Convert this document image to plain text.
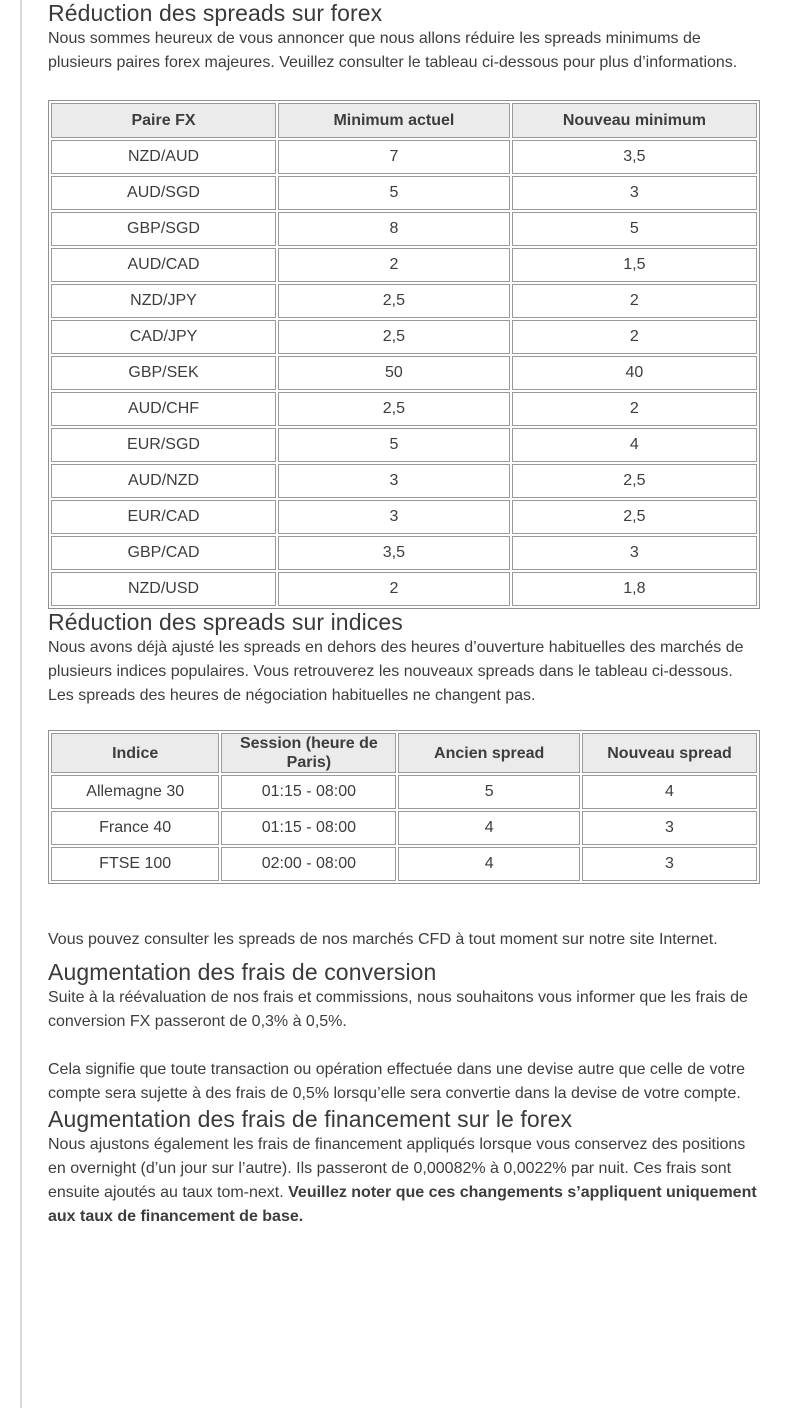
Réduction des spreads sur forex

Nous sommes heureux de vous annoncer que nous allons réduire les spreads minimums de plusieurs paires forex majeures. Veuillez consulter le tableau ci-dessous pour plus d’informations.

Paire FX	Minimum actuel	Nouveau minimum
NZD/AUD	7	3,5
AUD/SGD	5	3
GBP/SGD	8	5
AUD/CAD	2	1,5
NZD/JPY	2,5	2
CAD/JPY	2,5	2
GBP/SEK	50	40
AUD/CHF	2,5	2
EUR/SGD	5	4
AUD/NZD	3	2,5
EUR/CAD	3	2,5
GBP/CAD	3,5	3
NZD/USD	2	1,8
Réduction des spreads sur indices

Nous avons déjà ajusté les spreads en dehors des heures d’ouverture habituelles des marchés de plusieurs indices populaires. Vous retrouverez les nouveaux spreads dans le tableau ci-dessous. Les spreads des heures de négociation habituelles ne changent pas.

Indice	Session (heure de Paris)	Ancien spread	Nouveau spread
Allemagne 30	01:15 - 08:00	5	4
France 40	01:15 - 08:00	4	3
FTSE 100	02:00 - 08:00	4	3

Vous pouvez consulter les spreads de nos marchés CFD à tout moment sur notre site Internet.

Augmentation des frais de conversion

Suite à la réévaluation de nos frais et commissions, nous souhaitons vous informer que les frais de conversion FX passeront de 0,3% à 0,5%.

Cela signifie que toute transaction ou opération effectuée dans une devise autre que celle de votre compte sera sujette à des frais de 0,5% lorsqu’elle sera convertie dans la devise de votre compte.

Augmentation des frais de financement sur le forex

Nous ajustons également les frais de financement appliqués lorsque vous conservez des positions en overnight (d’un jour sur l’autre). Ils passeront de 0,00082% à 0,0022% par nuit. Ces frais sont ensuite ajoutés au taux tom-next. Veuillez noter que ces changements s’appliquent uniquement aux taux de financement de base.
